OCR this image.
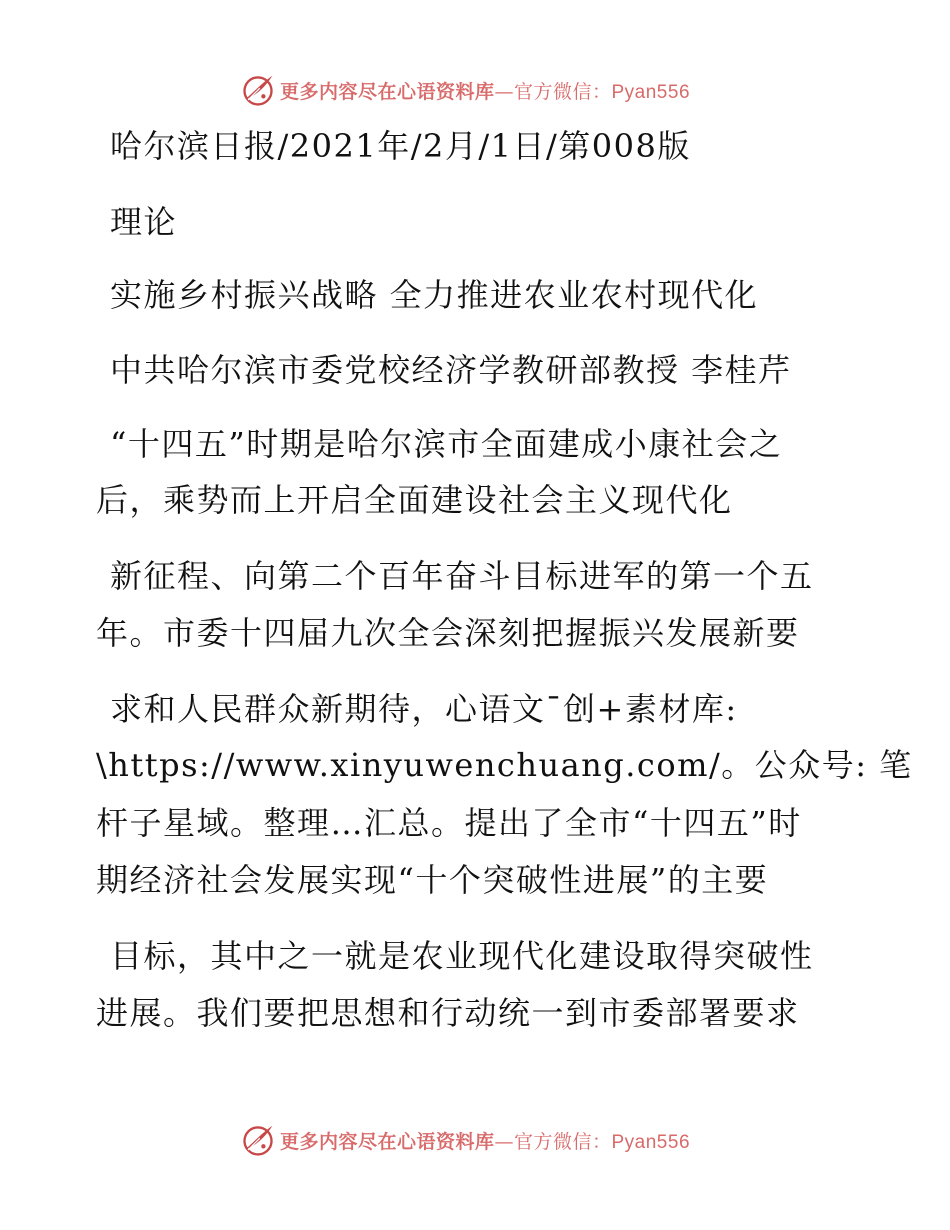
更多内容尽在心语资料库—官方微信：Pyan556
哈尔滨日报/2021年/2月/1日/第008版
理论
实施乡村振兴战略 全力推进农业农村现代化
中共哈尔滨市委党校经济学教研部教授 李桂芹
“十四五”时期是哈尔滨市全面建成小康社会之
后，乘势而上开启全面建设社会主义现代化
新征程、向第二个百年奋斗目标进军的第一个五
年。市委十四届九次全会深刻把握振兴发展新要
求和人民群众新期待，心语文¯创+素材库:
\https://www.xinyuwenchuang.com/。公众号: 笔
杆子星域。整理…汇总。提出了全市“十四五”时
期经济社会发展实现“十个突破性进展”的主要
目标，其中之一就是农业现代化建设取得突破性
进展。我们要把思想和行动统一到市委部署要求
更多内容尽在心语资料库—官方微信：Pyan556
